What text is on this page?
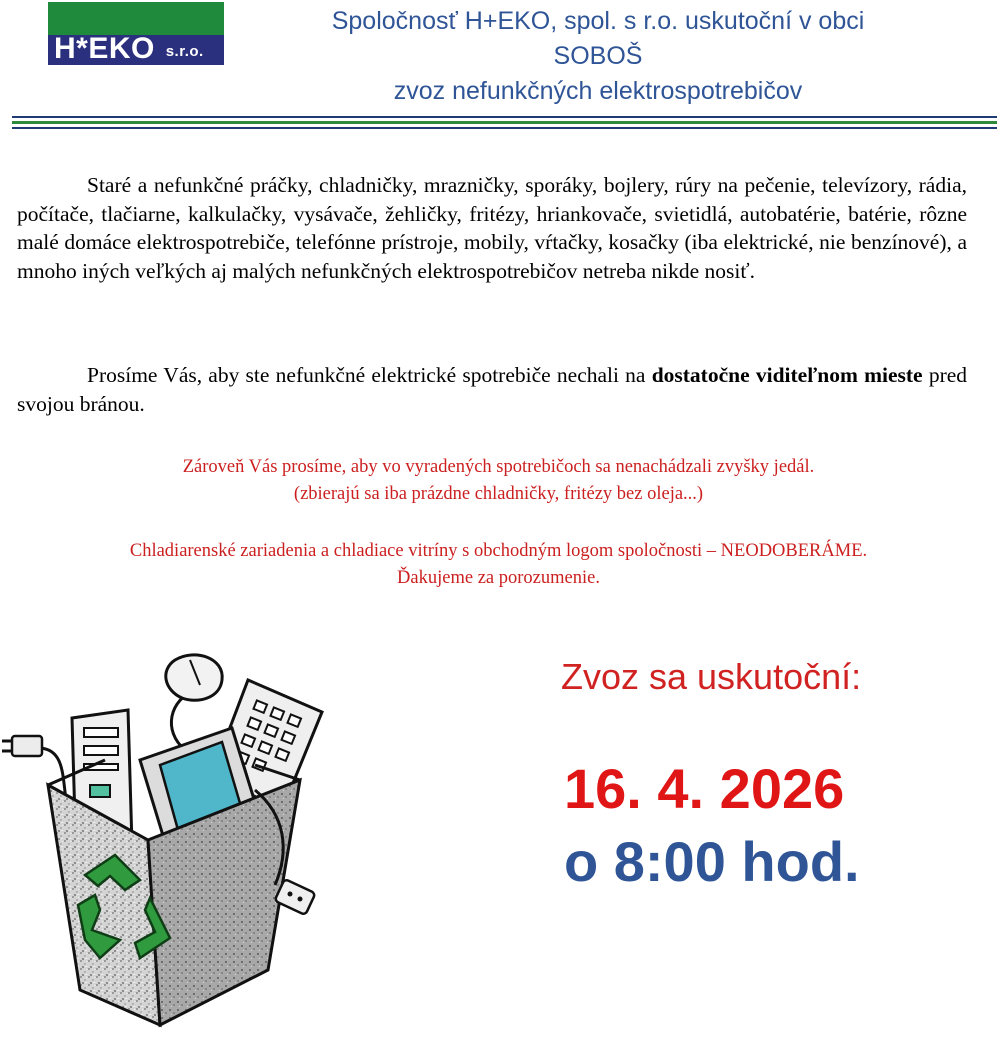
H*EKO s.r.o.
Spoločnosť H+EKO, spol. s r.o. uskutoční v obci
SOBOŠ
zvoz nefunkčných elektrospotrebičov

Staré a nefunkčné práčky, chladničky, mrazničky, sporáky, bojlery, rúry na pečenie, televízory, rádia, počítače, tlačiarne, kalkulačky, vysávače, žehličky, fritézy, hriankovače, svietidlá, autobatérie, batérie, rôzne malé domáce elektrospotrebiče, telefónne prístroje, mobily, vŕtačky, kosačky (iba elektrické, nie benzínové), a mnoho iných veľkých aj malých nefunkčných elektrospotrebičov netreba nikde nosiť.

Prosíme Vás, aby ste nefunkčné elektrické spotrebiče nechali na dostatočne viditeľnom mieste pred svojou bránou.

Zároveň Vás prosíme, aby vo vyradených spotrebičoch sa nenachádzali zvyšky jedál.
(zbierajú sa iba prázdne chladničky, fritézy bez oleja...)

Chladiarenské zariadenia a chladiace vitríny s obchodným logom spoločnosti – NEODOBERÁME.
Ďakujeme za porozumenie.

Zvoz sa uskutoční:
16. 4. 2026
o 8:00 hod.
